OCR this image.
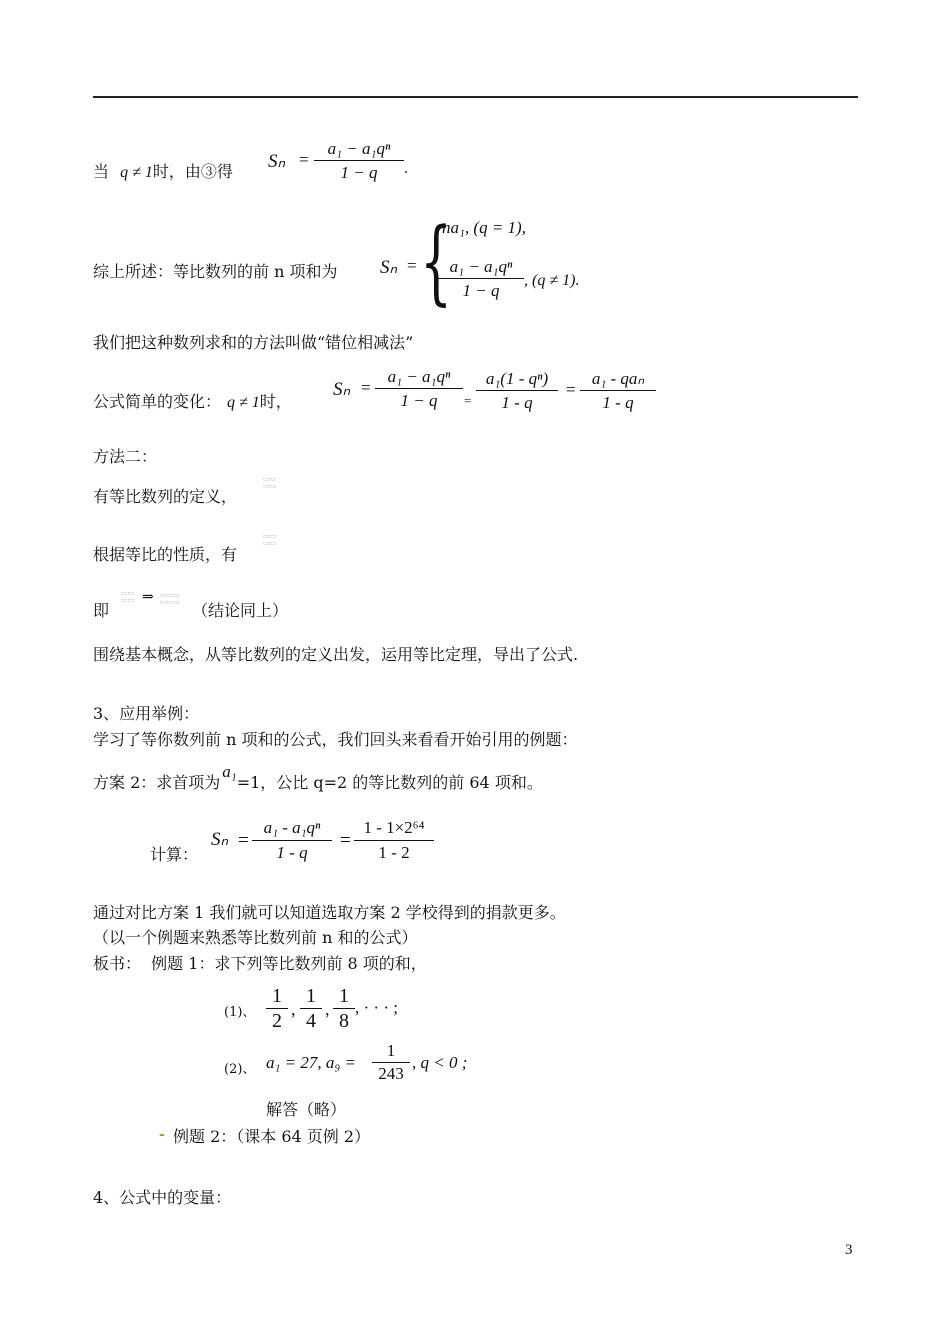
当 q ≠ 1时，由③得 $S_n = \frac{\text{a₁ − a₁qⁿ}}{1 - q}$ .
综上所述：等比数列的前 n 项和为 Sₙ = {
na₁, (q = 1),
$\frac{\text{a₁ − a₁qⁿ}}{1 - q}$ , (q ≠ 1).
我们把这种数列求和的方法叫做“错位相减法”
公式简单的变化： q ≠ 1时，
$S_n = \frac{\text{a₁ − a₁qⁿ}}{1 - q} = \frac{\text{a₁(1 - qⁿ)}}{1 - q}$ =
a₁ - qaₙ
1 - q
方法二：
有等比数列的定义，
▭▭
▭▭
根据等比的性质，有
▭▭
▭▭
即
▭▭
▭▭ ⇒ ▭▭▭
▭▭▭ （结论同上）
围绕基本概念，从等比数列的定义出发，运用等比定理，导出了公式.
3、应用举例：
学习了等你数列前 n 项和的公式，我们回头来看看开始引用的例题：
方案 2：求首项为a₁=1，公比 q=2 的等比数列的前 64 项和。
计算：
$S_n = \frac{\text{a₁ - a₁qⁿ}}{1 - q} = \frac{\text{1 - 1×2⁶⁴}}{1 - 2}$
通过对比方案 1 我们就可以知道选取方案 2 学校得到的捐款更多。
（以一个例题来熟悉等比数列前 n 和的公式）
板书：  例题 1：求下列等比数列前 8 项的和，
(1)、 $\frac{1}{2}$ , $\frac{1}{4}$ , $\frac{1}{8}$ , · · · ;
(2)、 a₁ = 27, $a_9 = \frac{1}{243}$ , q < 0 ;
解答（略）
- 例题 2：（课本 64 页例 2）
4、公式中的变量：
3
